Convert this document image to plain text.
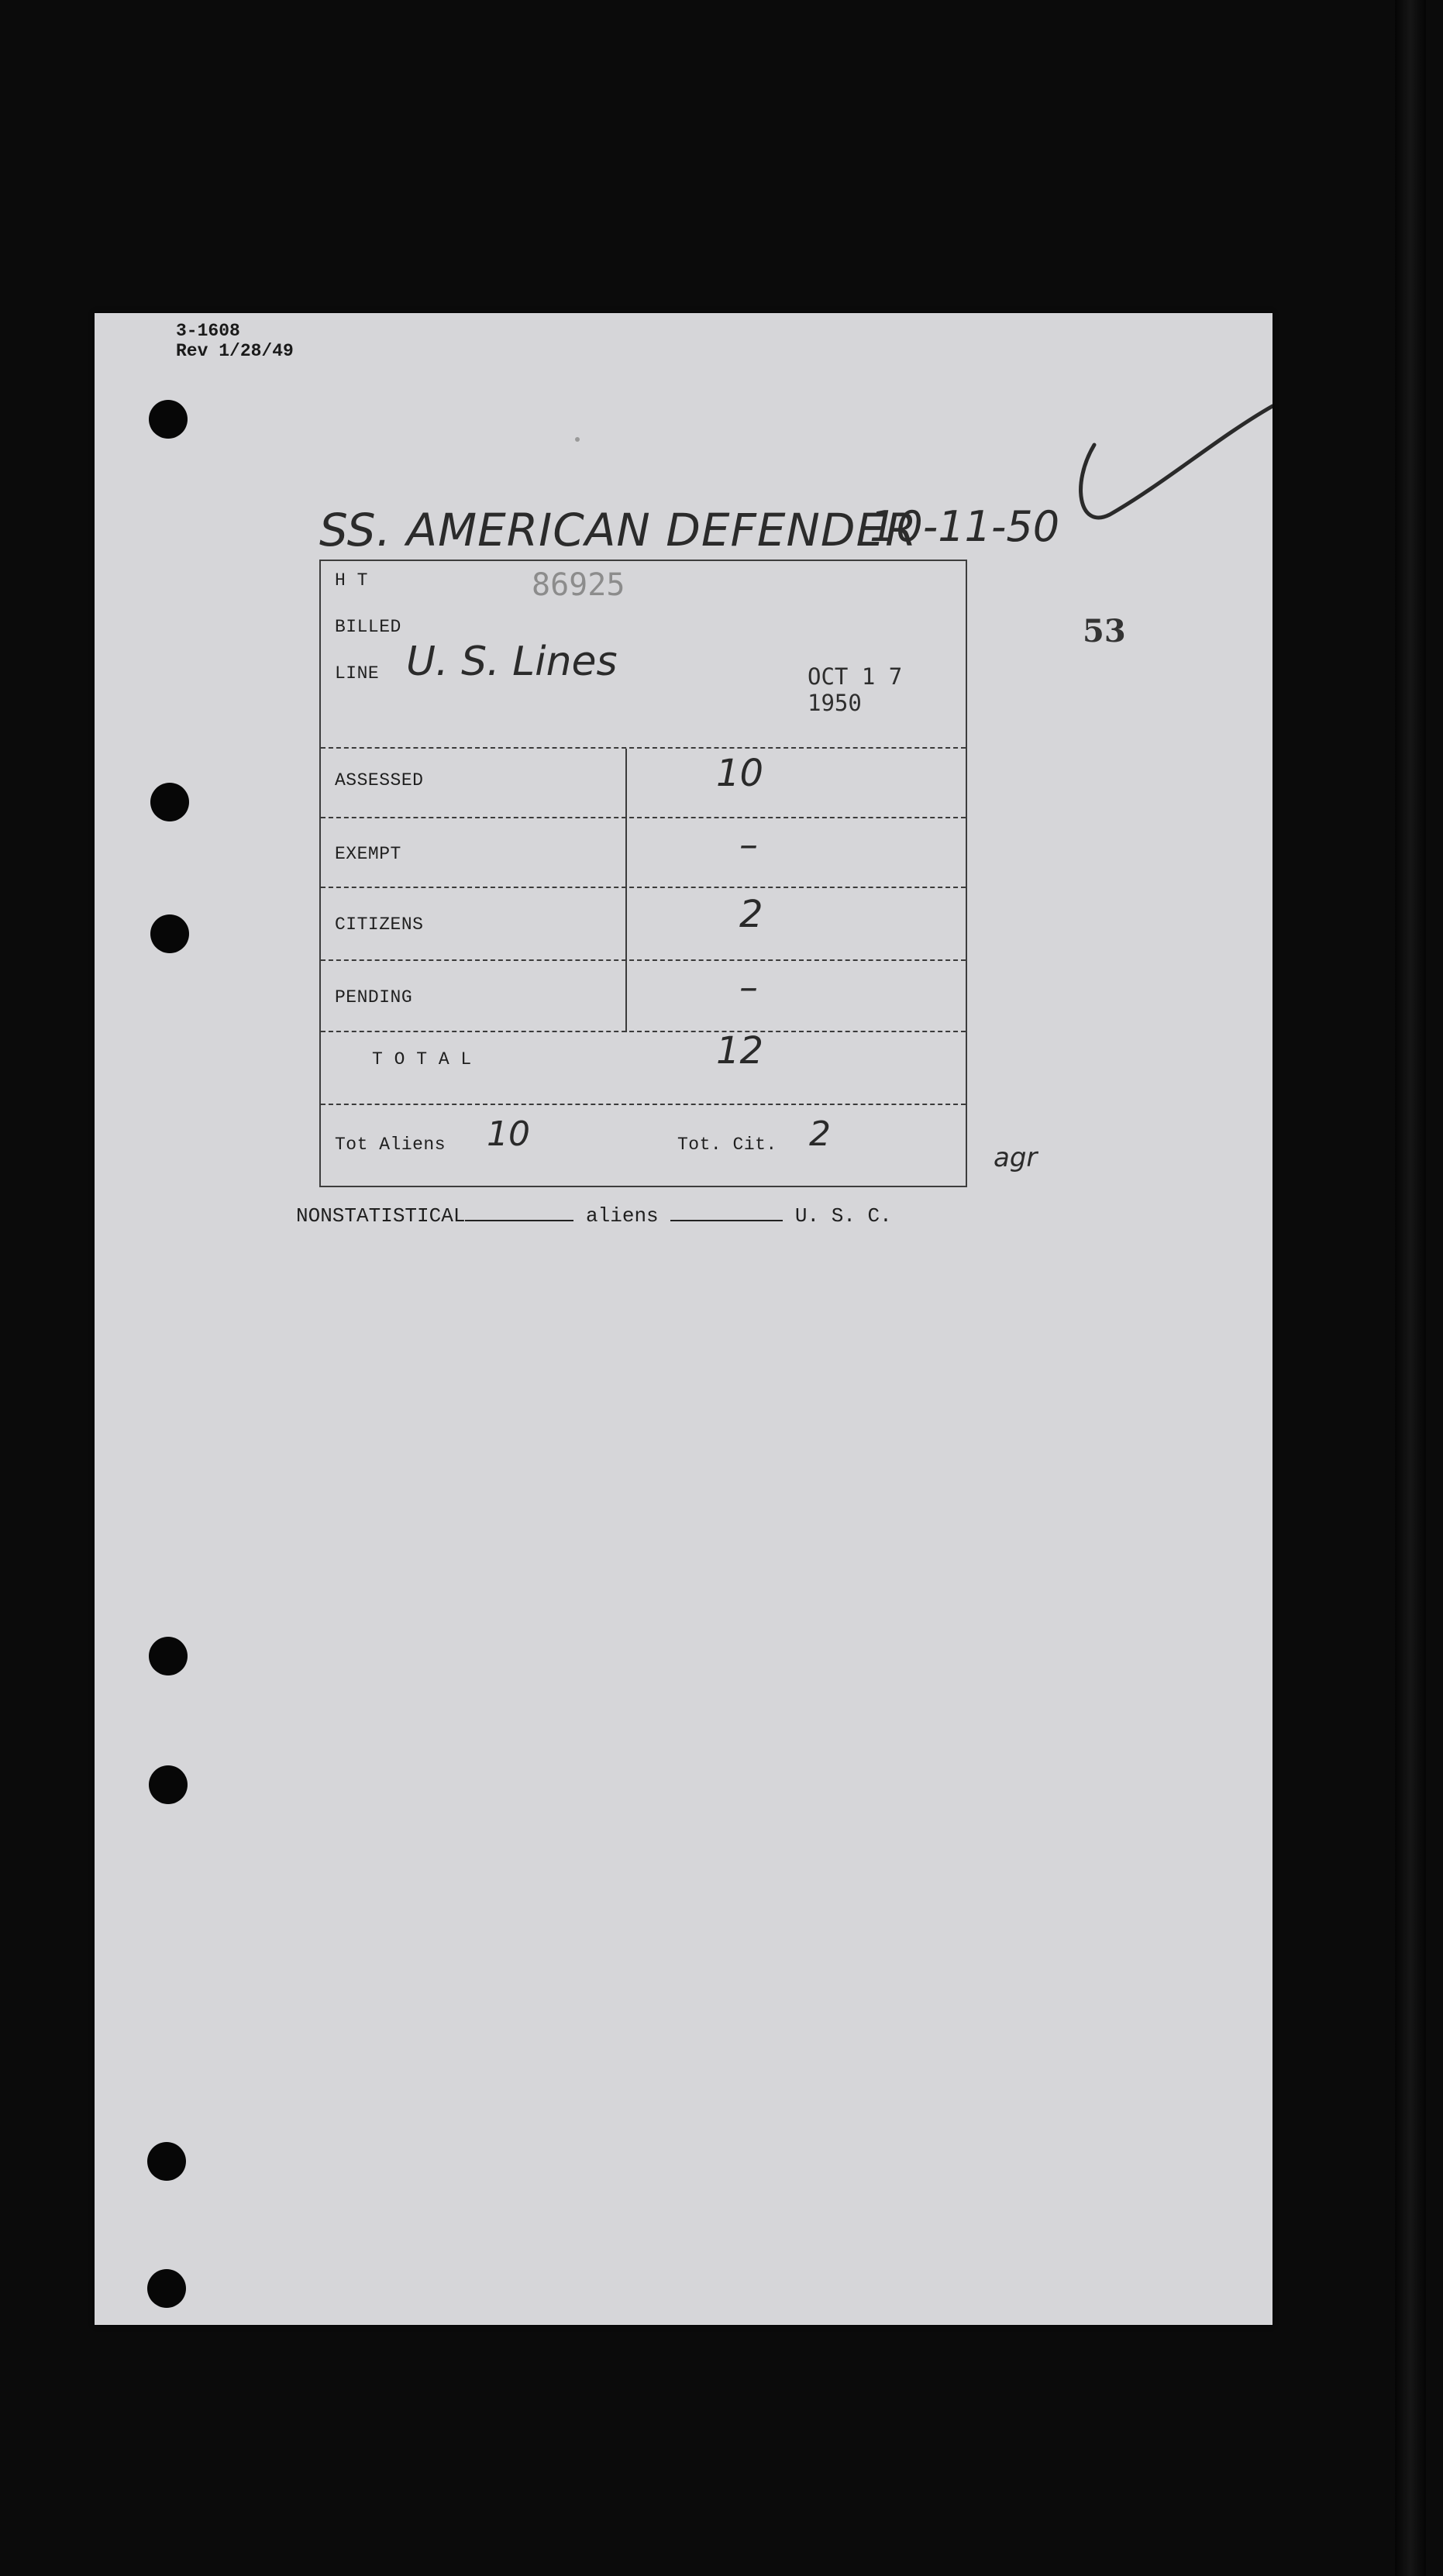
3-1608
Rev 1/28/49
SS. AMERICAN DEFENDER
10-11-50
53
H T	86925
BILLED
LINE U. S. Lines	OCT 1 7 1950
ASSESSED	10
EXEMPT	–
CITIZENS	2
PENDING	–
T O T A L	12
Tot Aliens 10	Tot. Cit. 2
agr
NONSTATISTICAL	aliens	U. S. C.
